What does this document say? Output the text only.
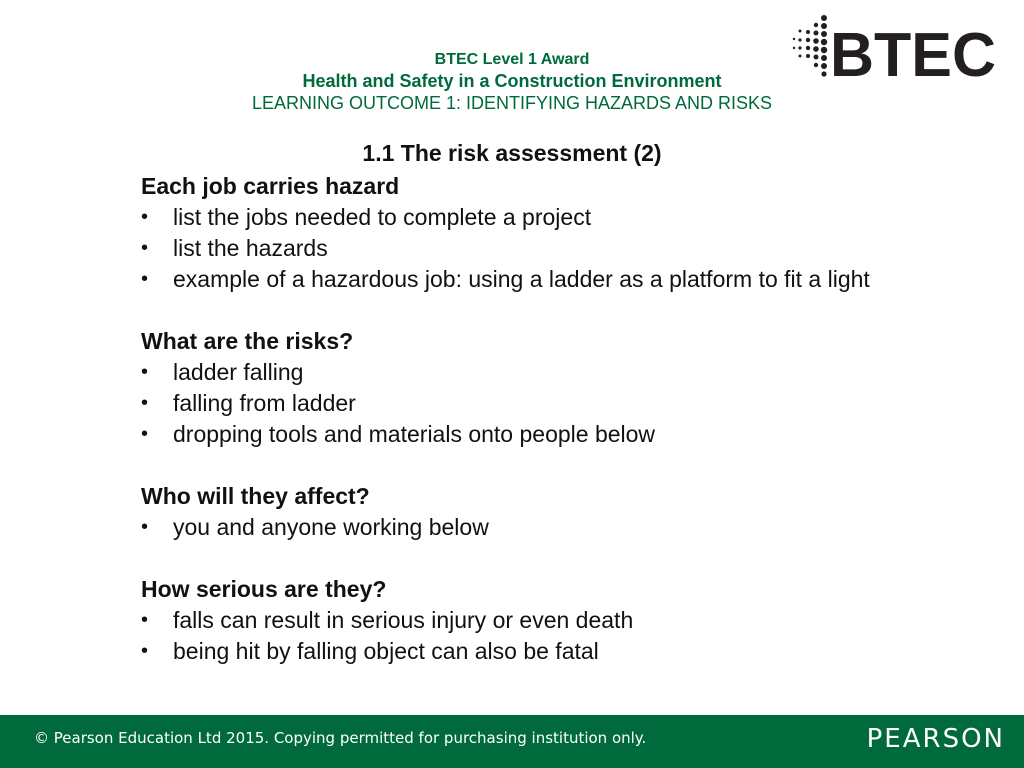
BTEC Level 1 Award
Health and Safety in a Construction Environment
LEARNING OUTCOME 1: IDENTIFYING HAZARDS AND RISKS
BTEC
1.1 The risk assessment (2)
Each job carries hazard
• list the jobs needed to complete a project
• list the hazards
• example of a hazardous job: using a ladder as a platform to fit a light
What are the risks?
• ladder falling
• falling from ladder
• dropping tools and materials onto people below
Who will they affect?
• you and anyone working below
How serious are they?
• falls can result in serious injury or even death
• being hit by falling object can also be fatal
© Pearson Education Ltd 2015. Copying permitted for purchasing institution only.	PEARSON
